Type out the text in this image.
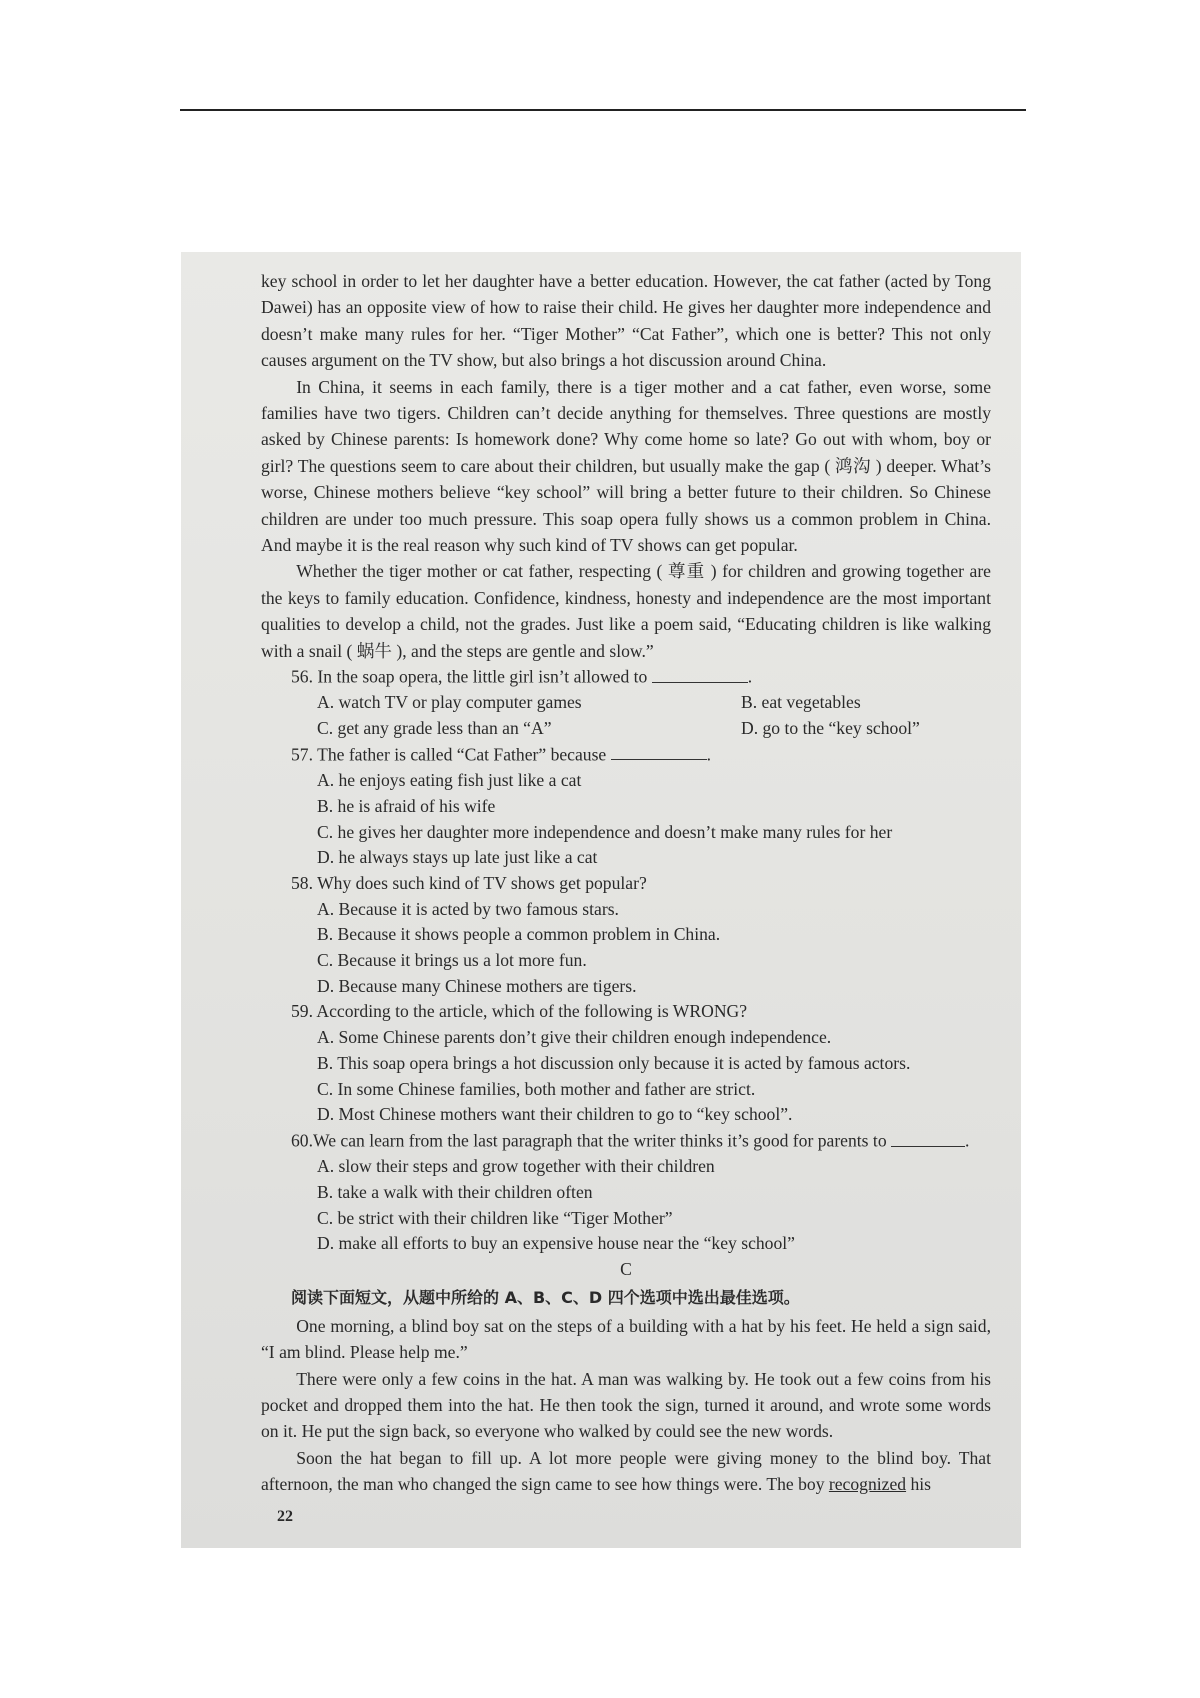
key school in order to let her daughter have a better education. However, the cat father (acted by Tong Dawei) has an opposite view of how to raise their child. He gives her daughter more independence and doesn’t make many rules for her. “Tiger Mother” “Cat Father”, which one is better? This not only causes argument on the TV show, but also brings a hot discussion around China.

In China, it seems in each family, there is a tiger mother and a cat father, even worse, some families have two tigers. Children can’t decide anything for themselves. Three questions are mostly asked by Chinese parents: Is homework done? Why come home so late? Go out with whom, boy or girl? The questions seem to care about their children, but usually make the gap ( 鸿沟 ) deeper. What’s worse, Chinese mothers believe “key school” will bring a better future to their children. So Chinese children are under too much pressure. This soap opera fully shows us a common problem in China. And maybe it is the real reason why such kind of TV shows can get popular.

Whether the tiger mother or cat father, respecting ( 尊重 ) for children and growing together are the keys to family education. Confidence, kindness, honesty and independence are the most important qualities to develop a child, not the grades. Just like a poem said, “Educating children is like walking with a snail ( 蜗牛 ), and the steps are gentle and slow.”

56. In the soap opera, the little girl isn’t allowed to	.

A. watch TV or play computer games	B. eat vegetables
C. get any grade less than an “A”	D. go to the “key school”

57. The father is called “Cat Father” because	.

A. he enjoys eating fish just like a cat

B. he is afraid of his wife

C. he gives her daughter more independence and doesn’t make many rules for her

D. he always stays up late just like a cat

58. Why does such kind of TV shows get popular?

A. Because it is acted by two famous stars.

B. Because it shows people a common problem in China.

C. Because it brings us a lot more fun.

D. Because many Chinese mothers are tigers.

59. According to the article, which of the following is WRONG?

A. Some Chinese parents don’t give their children enough independence.

B. This soap opera brings a hot discussion only because it is acted by famous actors.

C. In some Chinese families, both mother and father are strict.

D. Most Chinese mothers want their children to go to “key school”.

60.We can learn from the last paragraph that the writer thinks it’s good for parents to	.

A. slow their steps and grow together with their children

B. take a walk with their children often

C. be strict with their children like “Tiger Mother”

D. make all efforts to buy an expensive house near the “key school”

C

阅读下面短文，从题中所给的 A、B、C、D 四个选项中选出最佳选项。

One morning, a blind boy sat on the steps of a building with a hat by his feet. He held a sign said, “I am blind. Please help me.”

There were only a few coins in the hat. A man was walking by. He took out a few coins from his pocket and dropped them into the hat. He then took the sign, turned it around, and wrote some words on it. He put the sign back, so everyone who walked by could see the new words.

Soon the hat began to fill up. A lot more people were giving money to the blind boy. That afternoon, the man who changed the sign came to see how things were. The boy recognized his

22
